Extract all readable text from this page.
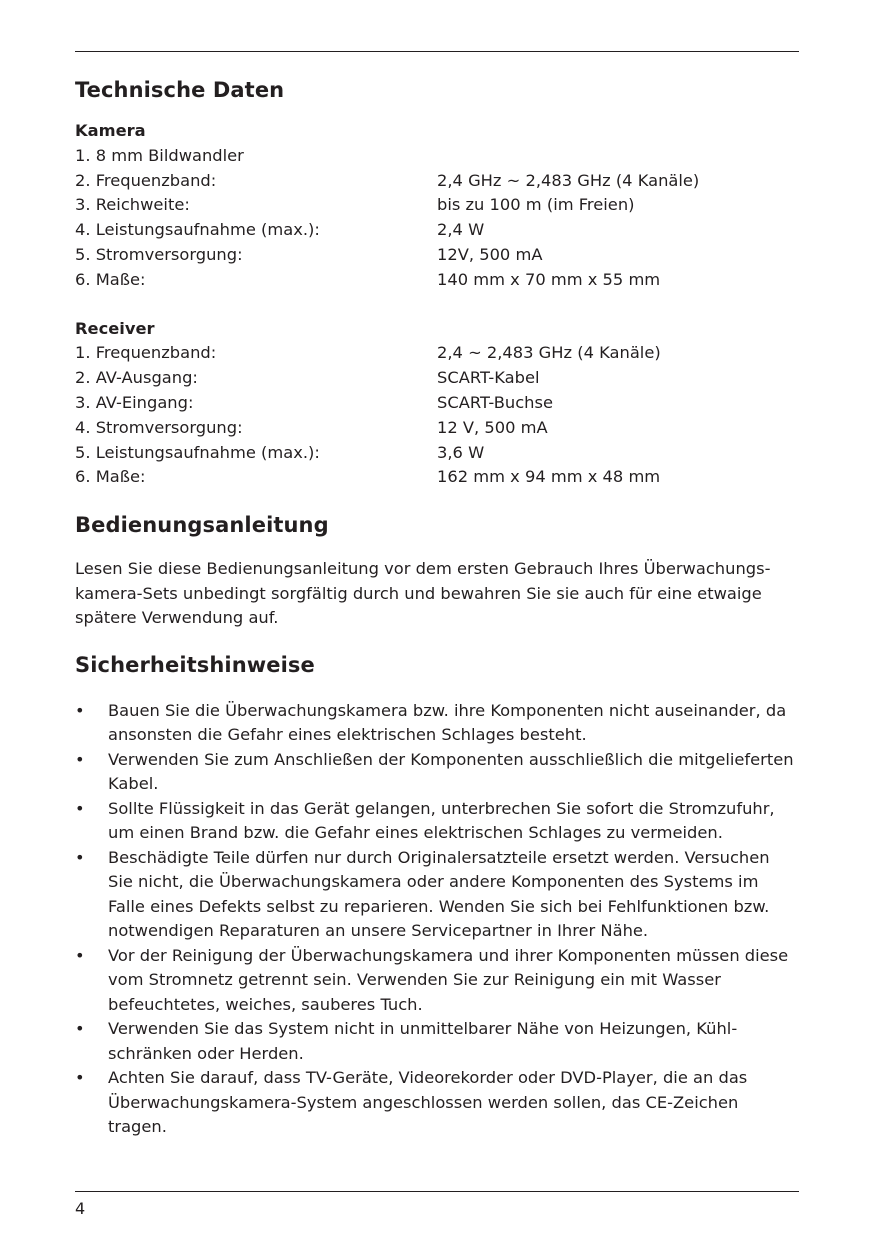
Technische Daten
Kamera
1. 8 mm Bildwandler
2. Frequenzband:	2,4 GHz ~ 2,483 GHz (4 Kanäle)
3. Reichweite:	bis zu 100 m (im Freien)
4. Leistungsaufnahme (max.):	2,4 W
5. Stromversorgung:	12V, 500 mA
6. Maße:	140 mm x 70 mm x 55 mm
Receiver
1. Frequenzband:	2,4 ~ 2,483 GHz (4 Kanäle)
2. AV-Ausgang:	SCART-Kabel
3. AV-Eingang:	SCART-Buchse
4. Stromversorgung:	12 V, 500 mA
5. Leistungsaufnahme (max.):	3,6 W
6. Maße:	162 mm x 94 mm x 48 mm
Bedienungsanleitung

Lesen Sie diese Bedienungsanleitung vor dem ersten Gebrauch Ihres Überwachungs-kamera-Sets unbedingt sorgfältig durch und bewahren Sie sie auch für eine etwaige spätere Verwendung auf.

Sicherheitshinweise
• Bauen Sie die Überwachungskamera bzw. ihre Komponenten nicht auseinander, da ansonsten die Gefahr eines elektrischen Schlages besteht.
• Verwenden Sie zum Anschließen der Komponenten ausschließlich die mitgelieferten Kabel.
• Sollte Flüssigkeit in das Gerät gelangen, unterbrechen Sie sofort die Stromzufuhr, um einen Brand bzw. die Gefahr eines elektrischen Schlages zu vermeiden.
• Beschädigte Teile dürfen nur durch Originalersatzteile ersetzt werden. Versuchen Sie nicht, die Überwachungskamera oder andere Komponenten des Systems im Falle eines Defekts selbst zu reparieren. Wenden Sie sich bei Fehlfunktionen bzw. notwendigen Reparaturen an unsere Servicepartner in Ihrer Nähe.
• Vor der Reinigung der Überwachungskamera und ihrer Komponenten müssen diese vom Stromnetz getrennt sein. Verwenden Sie zur Reinigung ein mit Wasser befeuchtetes, weiches, sauberes Tuch.
• Verwenden Sie das System nicht in unmittelbarer Nähe von Heizungen, Kühl-schränken oder Herden.
• Achten Sie darauf, dass TV-Geräte, Videorekorder oder DVD-Player, die an das Überwachungskamera-System angeschlossen werden sollen, das CE-Zeichen tragen.
4
